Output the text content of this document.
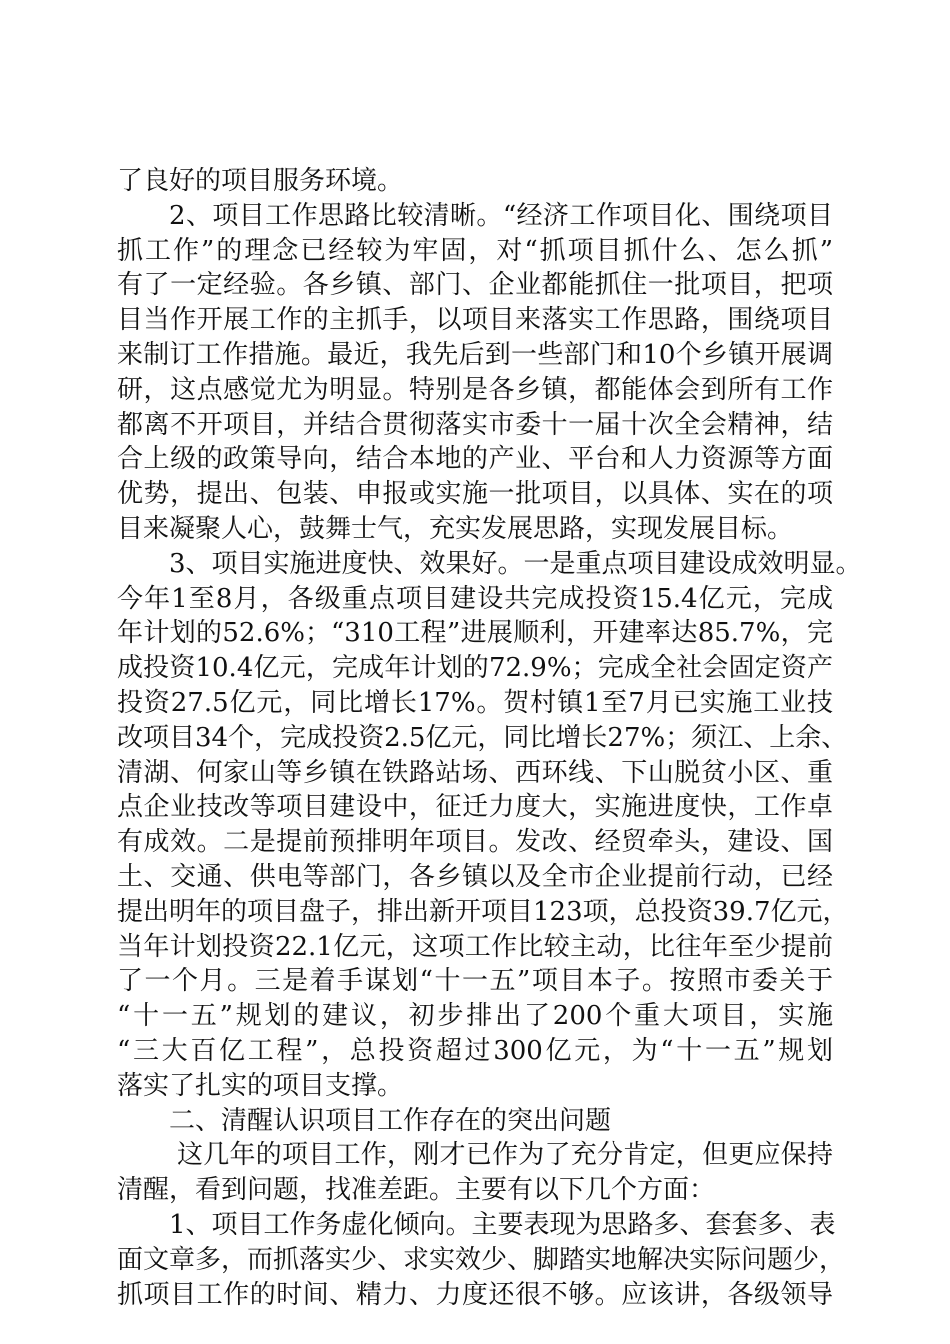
了良好的项目服务环境。
2、项目工作思路比较清晰。“经济工作项目化、围绕项目
抓工作”的理念已经较为牢固，对“抓项目抓什么、怎么抓”
有了一定经验。各乡镇、部门、企业都能抓住一批项目，把项
目当作开展工作的主抓手，以项目来落实工作思路，围绕项目
来制订工作措施。最近，我先后到一些部门和10个乡镇开展调
研，这点感觉尤为明显。特别是各乡镇，都能体会到所有工作
都离不开项目，并结合贯彻落实市委十一届十次全会精神，结
合上级的政策导向，结合本地的产业、平台和人力资源等方面
优势，提出、包装、申报或实施一批项目，以具体、实在的项
目来凝聚人心，鼓舞士气，充实发展思路，实现发展目标。
3、项目实施进度快、效果好。一是重点项目建设成效明显。
今年1至8月，各级重点项目建设共完成投资15.4亿元，完成
年计划的52.6%；“310工程”进展顺利，开建率达85.7%，完
成投资10.4亿元，完成年计划的72.9%；完成全社会固定资产
投资27.5亿元，同比增长17%。贺村镇1至7月已实施工业技
改项目34个，完成投资2.5亿元，同比增长27%；须江、上余、
清湖、何家山等乡镇在铁路站场、西环线、下山脱贫小区、重
点企业技改等项目建设中，征迁力度大，实施进度快，工作卓
有成效。二是提前预排明年项目。发改、经贸牵头，建设、国
土、交通、供电等部门，各乡镇以及全市企业提前行动，已经
提出明年的项目盘子，排出新开项目123项，总投资39.7亿元，
当年计划投资22.1亿元，这项工作比较主动，比往年至少提前
了一个月。三是着手谋划“十一五”项目本子。按照市委关于
“十一五”规划的建议，初步排出了200个重大项目，实施
“三大百亿工程”，总投资超过300亿元，为“十一五”规划
落实了扎实的项目支撑。
二、清醒认识项目工作存在的突出问题
这几年的项目工作，刚才已作为了充分肯定，但更应保持
清醒，看到问题，找准差距。主要有以下几个方面：
1、项目工作务虚化倾向。主要表现为思路多、套套多、表
面文章多，而抓落实少、求实效少、脚踏实地解决实际问题少，
抓项目工作的时间、精力、力度还很不够。应该讲，各级领导
